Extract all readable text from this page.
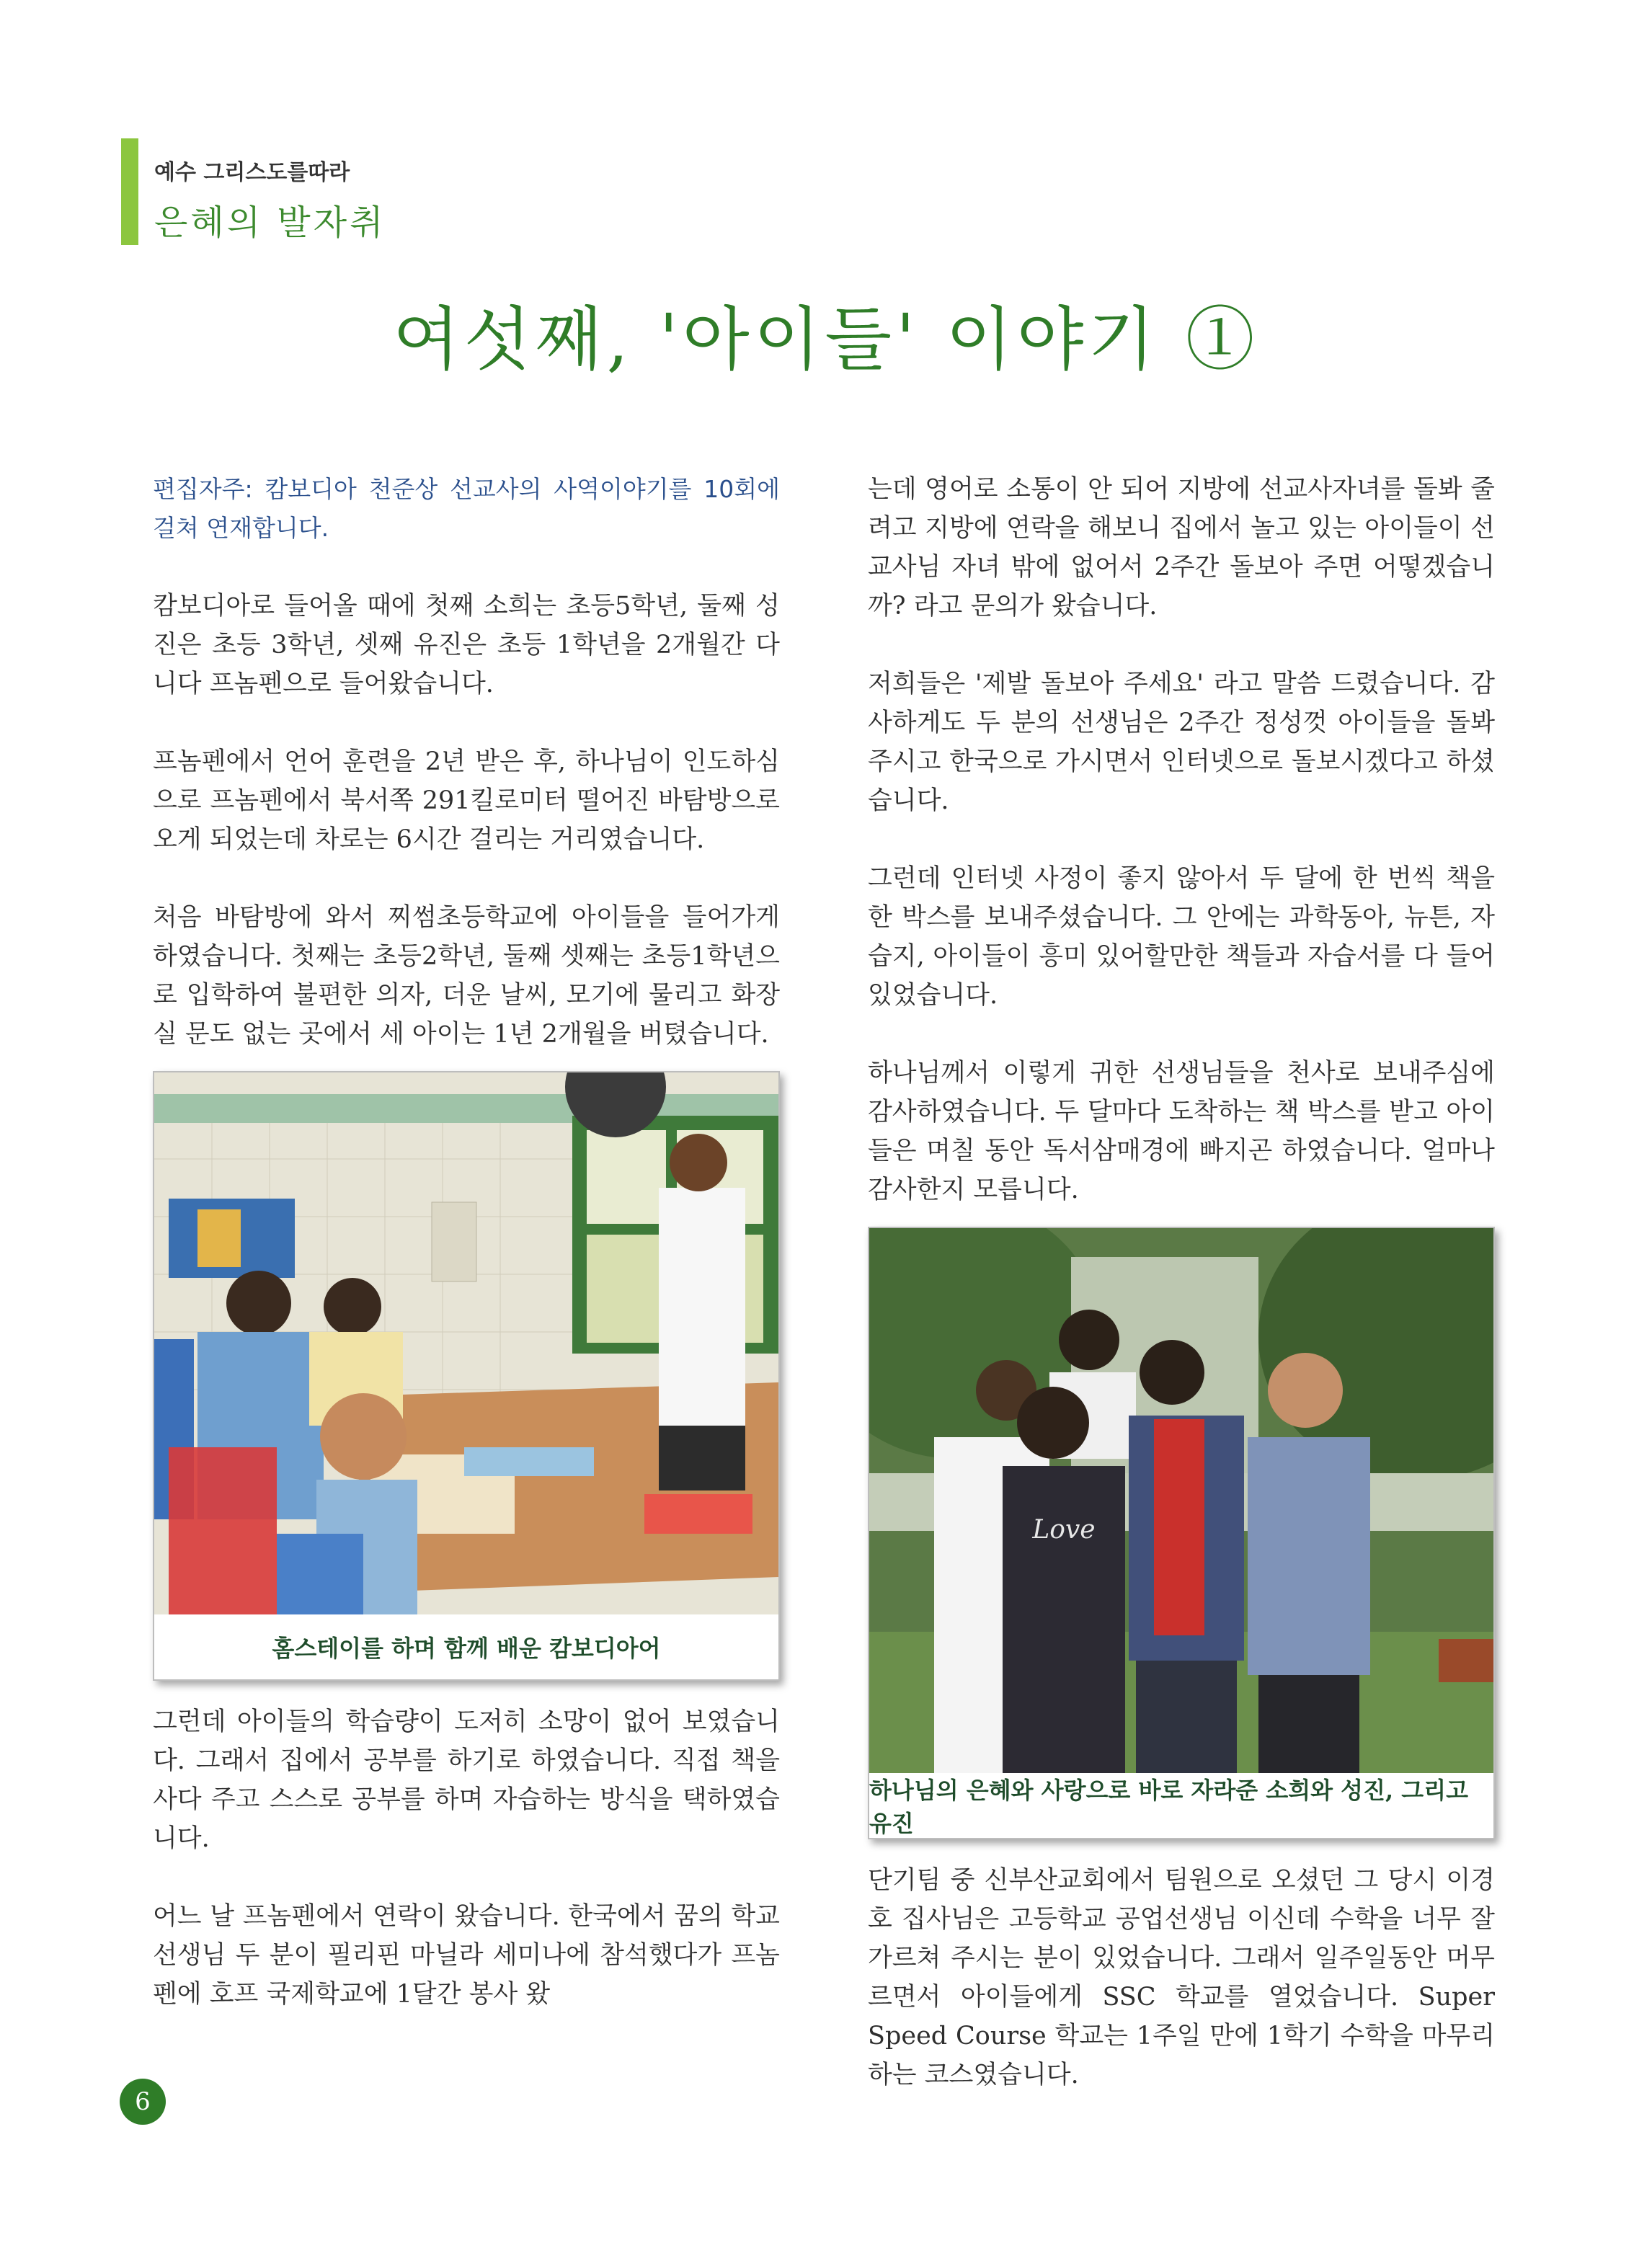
예수 그리스도를따라
은혜의 발자취
여섯째, '아이들' 이야기 ①

편집자주: 캄보디아 천준상 선교사의 사역이야기를 10회에 걸쳐 연재합니다.

캄보디아로 들어올 때에 첫째 소희는 초등5학년, 둘째 성진은 초등 3학년, 셋째 유진은 초등 1학년을 2개월간 다니다 프놈펜으로 들어왔습니다.

프놈펜에서 언어 훈련을 2년 받은 후, 하나님이 인도하심으로 프놈펜에서 북서쪽 291킬로미터 떨어진 바탐방으로 오게 되었는데 차로는 6시간 걸리는 거리였습니다.

처음 바탐방에 와서 찌썸초등학교에 아이들을 들어가게 하였습니다. 첫째는 초등2학년, 둘째 셋째는 초등1학년으로 입학하여 불편한 의자, 더운 날씨, 모기에 물리고 화장실 문도 없는 곳에서 세 아이는 1년 2개월을 버텼습니다.

홈스테이를 하며 함께 배운 캄보디아어

그런데 아이들의 학습량이 도저히 소망이 없어 보였습니다. 그래서 집에서 공부를 하기로 하였습니다. 직접 책을 사다 주고 스스로 공부를 하며 자습하는 방식을 택하였습니다.

어느 날 프놈펜에서 연락이 왔습니다. 한국에서 꿈의 학교 선생님 두 분이 필리핀 마닐라 세미나에 참석했다가 프놈펜에 호프 국제학교에 1달간 봉사 왔

는데 영어로 소통이 안 되어 지방에 선교사자녀를 돌봐 줄려고 지방에 연락을 해보니 집에서 놀고 있는 아이들이 선교사님 자녀 밖에 없어서 2주간 돌보아 주면 어떻겠습니까? 라고 문의가 왔습니다.

저희들은 '제발 돌보아 주세요' 라고 말씀 드렸습니다. 감사하게도 두 분의 선생님은 2주간 정성껏 아이들을 돌봐주시고 한국으로 가시면서 인터넷으로 돌보시겠다고 하셨습니다.

그런데 인터넷 사정이 좋지 않아서 두 달에 한 번씩 책을 한 박스를 보내주셨습니다. 그 안에는 과학동아, 뉴튼, 자습지, 아이들이 흥미 있어할만한 책들과 자습서를 다 들어 있었습니다.

하나님께서 이렇게 귀한 선생님들을 천사로 보내주심에 감사하였습니다. 두 달마다 도착하는 책 박스를 받고 아이들은 며칠 동안 독서삼매경에 빠지곤 하였습니다. 얼마나 감사한지 모릅니다.

Love
하나님의 은혜와 사랑으로 바로 자라준 소희와 성진, 그리고 유진

단기팀 중 신부산교회에서 팀원으로 오셨던 그 당시 이경호 집사님은 고등학교 공업선생님 이신데 수학을 너무 잘 가르쳐 주시는 분이 있었습니다. 그래서 일주일동안 머무르면서 아이들에게 SSC 학교를 열었습니다. Super Speed Course 학교는 1주일 만에 1학기 수학을 마무리 하는 코스였습니다.

6
